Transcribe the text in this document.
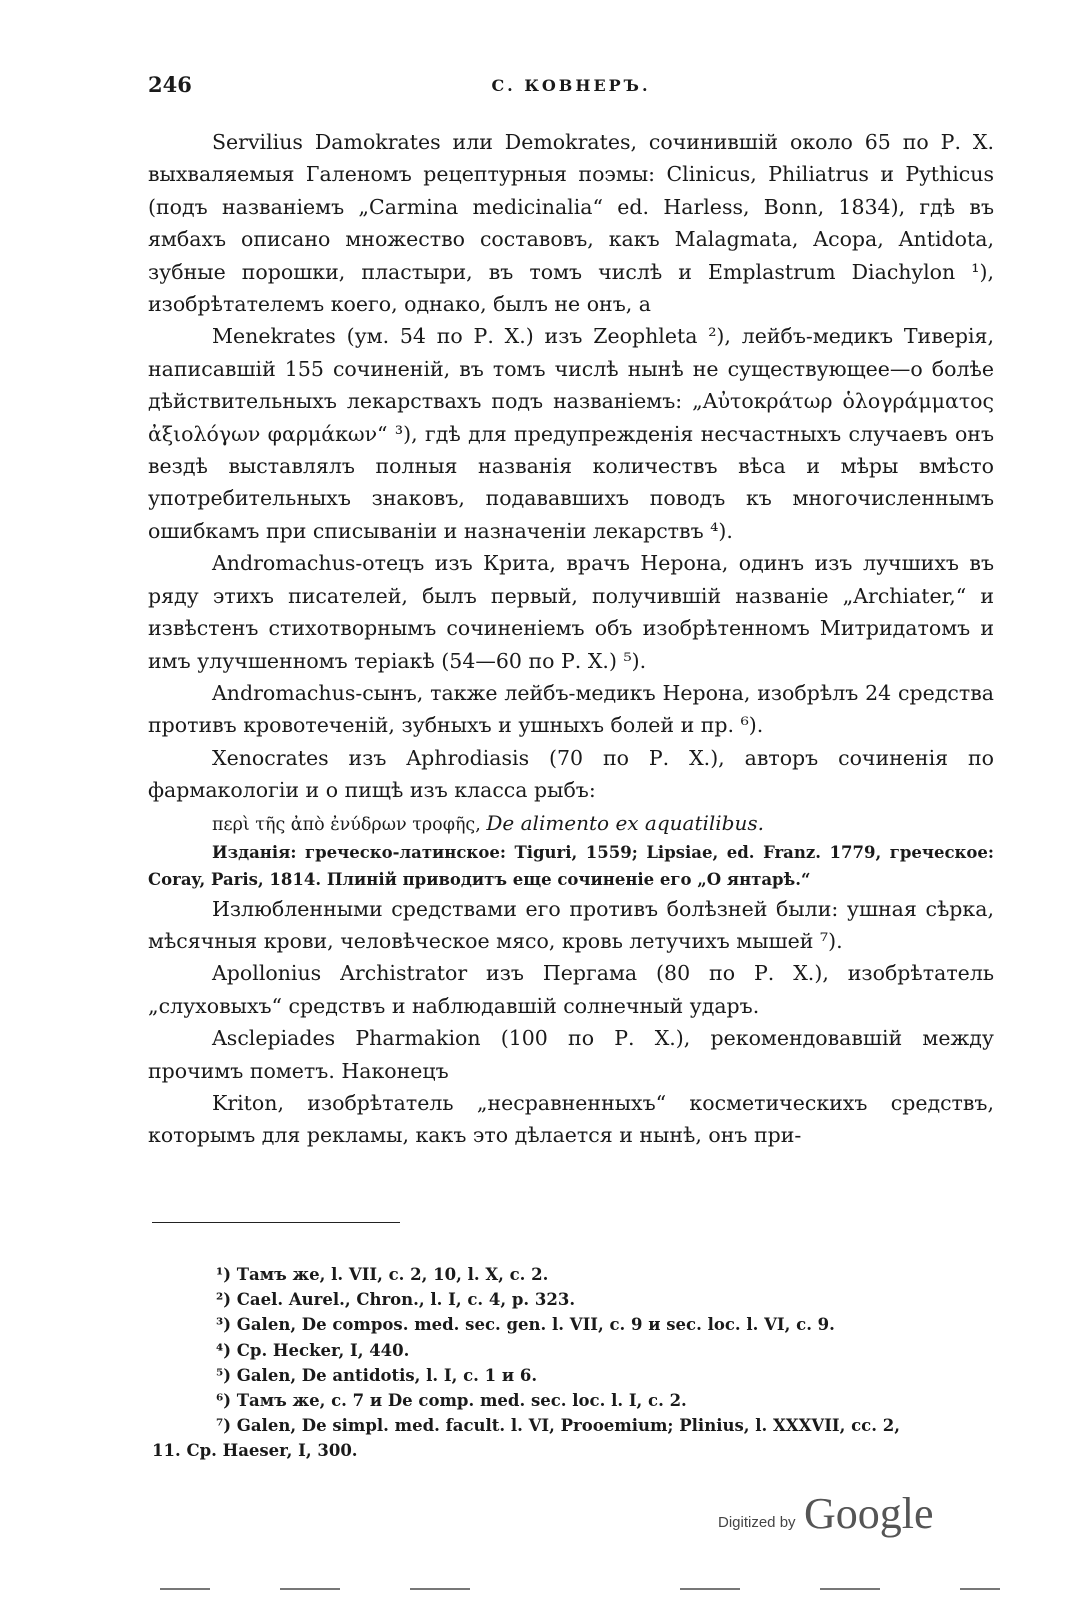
246	С. КОВНЕРЪ.

Servilius Damokrates или Demokrates, сочинившій около 65 по Р. X. выхваляемыя Галеномъ рецептурныя поэмы: Clinicus, Philiatrus и Pythicus (подъ названіемъ „Carmina medicinalia“ ed. Harless, Bonn, 1834), гдѣ въ ямбахъ описано множество составовъ, какъ Malagmata, Acopa, Antidota, зубные порошки, пластыри, въ томъ числѣ и Emplastrum Diachylon ¹), изобрѣтателемъ коего, однако, былъ не онъ, а

Menekrates (ум. 54 по Р. X.) изъ Zeophleta ²), лейбъ-медикъ Тиверія, написавшій 155 сочиненій, въ томъ числѣ нынѣ не существующее—о болѣе дѣйствительныхъ лекарствахъ подъ названіемъ: „Αὐτοκράτωρ ὁλογράμματος ἀξιολόγων φαρμάκων“ ³), гдѣ для предупрежденія несчастныхъ случаевъ онъ вездѣ выставлялъ полныя названія количествъ вѣса и мѣры вмѣсто употребительныхъ знаковъ, подававшихъ поводъ къ многочисленнымъ ошибкамъ при списываніи и назначеніи лекарствъ ⁴).

Andromachus-отецъ изъ Крита, врачъ Нерона, одинъ изъ лучшихъ въ ряду этихъ писателей, былъ первый, получившій названіе „Archiater,“ и извѣстенъ стихотворнымъ сочиненіемъ объ изобрѣтенномъ Митридатомъ и имъ улучшенномъ теріакѣ (54—60 по Р. X.) ⁵).

Andromachus-сынъ, также лейбъ-медикъ Нерона, изобрѣлъ 24 средства противъ кровотеченій, зубныхъ и ушныхъ болей и пр. ⁶).

Xenocrates изъ Aphrodiasis (70 по Р. X.), авторъ сочиненія по фармакологіи и о пищѣ изъ класса рыбъ:

περὶ τῆς ἀπὸ ἐνύδρων τροφῆς, De alimento ex aquatilibus.

Изданія: греческо-латинское: Tiguri, 1559; Lipsiae, ed. Franz. 1779, греческое: Coray, Paris, 1814. Плиній приводитъ еще сочиненіе его „О янтарѣ.“

Излюбленными средствами его противъ болѣзней были: ушная сѣрка, мѣсячныя крови, человѣческое мясо, кровь летучихъ мышей ⁷).

Apollonius Archistrator изъ Пергама (80 по Р. X.), изобрѣтатель „слуховыхъ“ средствъ и наблюдавшій солнечный ударъ.

Asclepiades Pharmakion (100 по Р. X.), рекомендовавшій между прочимъ пометъ. Наконецъ

Kriton, изобрѣтатель „несравненныхъ“ косметическихъ средствъ, которымъ для рекламы, какъ это дѣлается и нынѣ, онъ при-

¹) Тамъ же, l. VII, c. 2, 10, l. X, c. 2.

²) Cael. Aurel., Chron., l. I, c. 4, p. 323.

³) Galen, De compos. med. sec. gen. l. VII, c. 9 и sec. loc. l. VI, c. 9.

⁴) Cp. Hecker, I, 440.

⁵) Galen, De antidotis, l. I, c. 1 и 6.

⁶) Тамъ же, c. 7 и De comp. med. sec. loc. l. I, c. 2.

⁷) Galen, De simpl. med. facult. l. VI, Prooemium; Plinius, l. XXXVII, cc. 2,

11. Cp. Haeser, I, 300.

Digitized by Google
